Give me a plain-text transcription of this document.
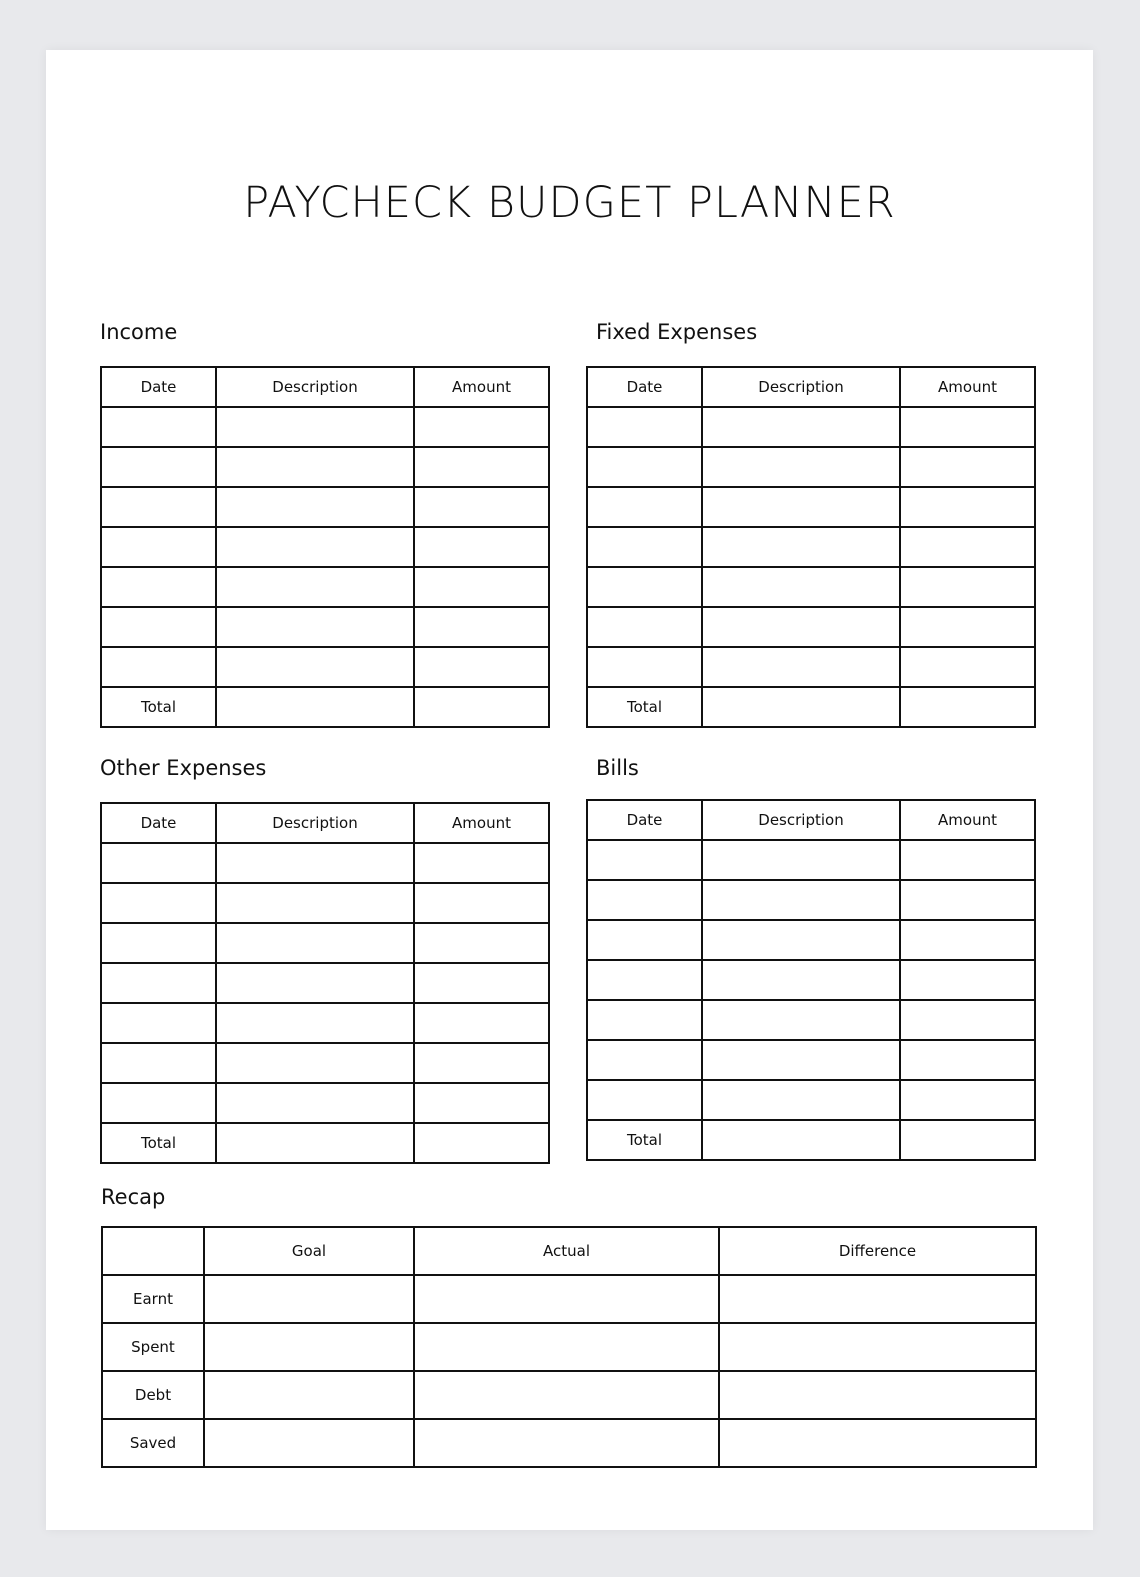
PAYCHECK BUDGET PLANNER
Income
Date	Description	Amount

Total		
Fixed Expenses
Date	Description	Amount

Total		
Other Expenses
Date	Description	Amount

Total		
Bills
Date	Description	Amount

Total		
Recap
	Goal	Actual	Difference
Earnt			
Spent			
Debt			
Saved			
